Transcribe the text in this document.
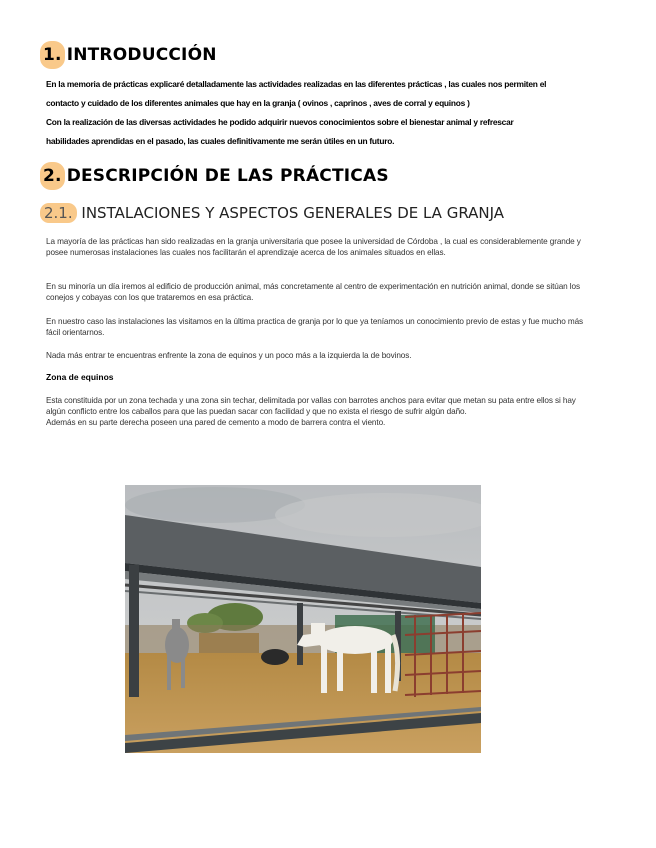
1. INTRODUCCIÓN
En la memoria de prácticas explicaré detalladamente las actividades realizadas en las diferentes prácticas , las cuales nos permiten el
contacto y cuidado de los diferentes animales que hay en la granja ( ovinos , caprinos , aves de corral y equinos )
Con la realización de las diversas actividades he podido adquirir nuevos conocimientos sobre el bienestar animal y refrescar
habilidades aprendidas en el pasado, las cuales definitivamente me serán útiles en un futuro.
2. DESCRIPCIÓN DE LAS PRÁCTICAS
2.1. INSTALACIONES Y ASPECTOS GENERALES DE LA GRANJA
La mayoría de las prácticas han sido realizadas en la granja universitaria que posee la universidad de Córdoba , la cual es considerablemente grande y posee numerosas instalaciones las cuales nos facilitarán el aprendizaje acerca de los animales situados en ellas.
En su minoría un día iremos al edificio de producción animal, más concretamente al centro de experimentación en nutrición animal, donde se sitúan los conejos y cobayas con los que trataremos en esa práctica.
En nuestro caso las instalaciones las visitamos en la última practica de granja por lo que ya teníamos un conocimiento previo de estas y fue mucho más fácil orientarnos.
Nada más entrar te encuentras enfrente la zona de equinos y un poco más a la izquierda la de bovinos.
Zona de equinos
Esta constituida por un zona techada y una zona sin techar, delimitada por vallas con barrotes anchos para evitar que metan su pata entre ellos si hay algún conflicto entre los caballos para que las puedan sacar con facilidad y que no exista el riesgo de sufrir algún daño.
Además en su parte derecha poseen una pared de cemento a modo de barrera contra el viento.
